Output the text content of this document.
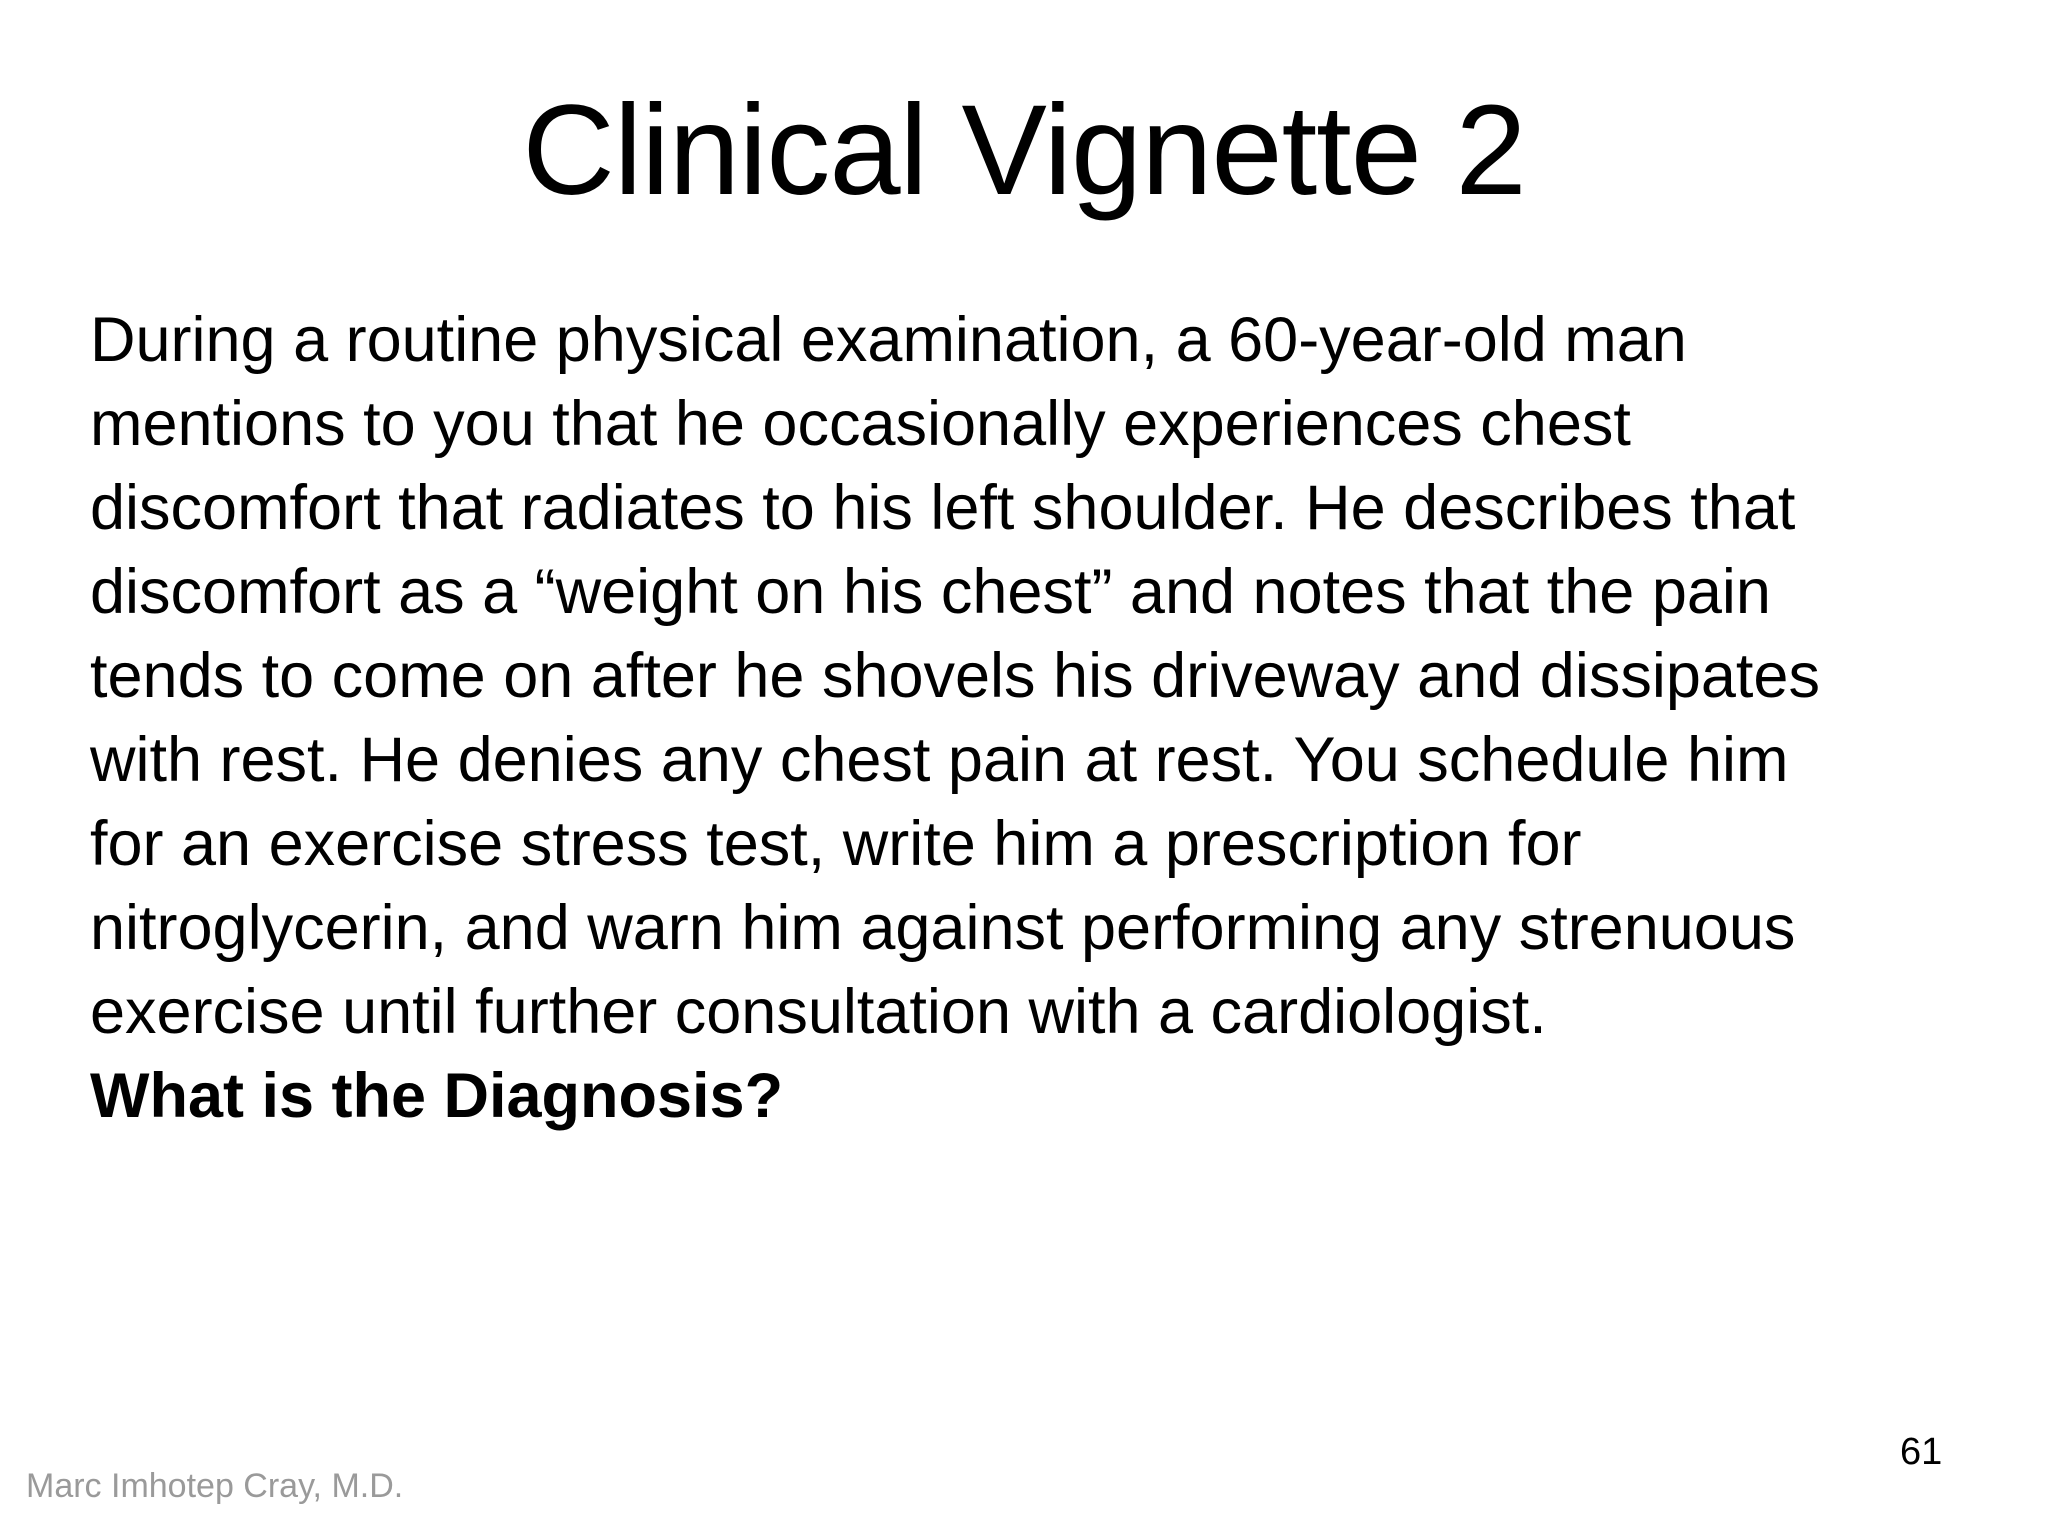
Clinical Vignette 2
During a routine physical examination, a 60-year-old man
mentions to you that he occasionally experiences chest
discomfort that radiates to his left shoulder. He describes that
discomfort as a “weight on his chest” and notes that the pain
tends to come on after he shovels his driveway and dissipates
with rest. He denies any chest pain at rest. You schedule him
for an exercise stress test, write him a prescription for
nitroglycerin, and warn him against performing any strenuous
exercise until further consultation with a cardiologist.
What is the Diagnosis?
61
Marc Imhotep Cray, M.D.
